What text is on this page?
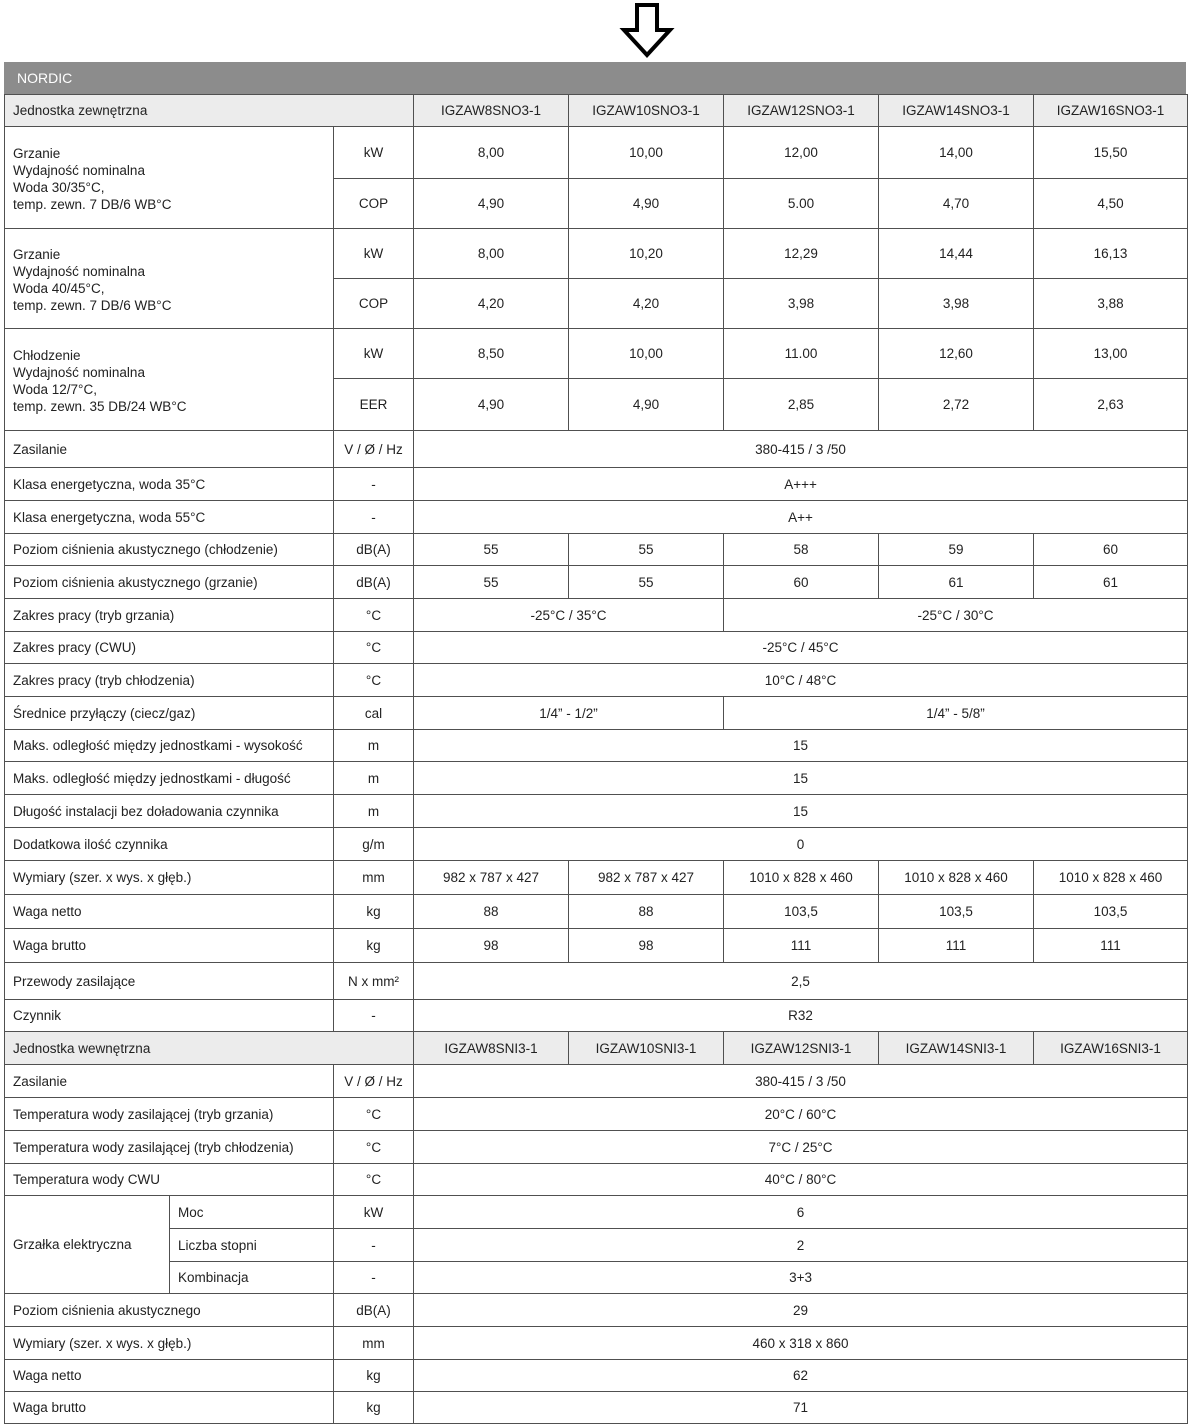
NORDIC
Jednostka zewnętrzna			IGZAW8SNO3-1	IGZAW10SNO3-1	IGZAW12SNO3-1	IGZAW14SNO3-1	IGZAW16SNO3-1

Grzanie
Wydajność nominalna
Woda 30/35°C,
temp. zewn. 7 DB/6 WB°C		kW	8,00	10,00	12,00	14,00	15,50
		COP	4,90	4,90	5.00	4,70	4,50

Grzanie
Wydajność nominalna
Woda 40/45°C,
temp. zewn. 7 DB/6 WB°C		kW	8,00	10,20	12,29	14,44	16,13
		COP	4,20	4,20	3,98	3,98	3,88

Chłodzenie
Wydajność nominalna
Woda 12/7°C,
temp. zewn. 35 DB/24 WB°C		kW	8,50	10,00	11.00	12,60	13,00
		EER	4,90	4,90	2,85	2,72	2,63
Zasilanie		V / Ø / Hz	380-415 / 3 /50				
Klasa energetyczna, woda 35°C		-	A+++				
Klasa energetyczna, woda 55°C		-	A++				
Poziom ciśnienia akustycznego (chłodzenie)		dB(A)	55	55	58	59	60
Poziom ciśnienia akustycznego (grzanie)		dB(A)	55	55	60	61	61
Zakres pracy (tryb grzania)		°C	-25°C / 35°C		-25°C / 30°C		
Zakres pracy (CWU)		°C	-25°C / 45°C				
Zakres pracy (tryb chłodzenia)		°C	10°C / 48°C				
Średnice przyłączy (ciecz/gaz)		cal	1/4” - 1/2”		1/4” - 5/8”		
Maks. odległość między jednostkami - wysokość		m	15				
Maks. odległość między jednostkami - długość		m	15				
Długość instalacji bez doładowania czynnika		m	15				
Dodatkowa ilość czynnika		g/m	0				
Wymiary (szer. x wys. x głęb.)		mm	982 x 787 x 427	982 x 787 x 427	1010 x 828 x 460	1010 x 828 x 460	1010 x 828 x 460
Waga netto		kg	88	88	103,5	103,5	103,5
Waga brutto		kg	98	98	111	111	111
Przewody zasilające		N x mm²	2,5				
Czynnik		-	R32				
Jednostka wewnętrzna			IGZAW8SNI3-1	IGZAW10SNI3-1	IGZAW12SNI3-1	IGZAW14SNI3-1	IGZAW16SNI3-1
Zasilanie		V / Ø / Hz	380-415 / 3 /50				
Temperatura wody zasilającej (tryb grzania)		°C	20°C / 60°C				
Temperatura wody zasilającej (tryb chłodzenia)		°C	7°C / 25°C				
Temperatura wody CWU		°C	40°C / 80°C				
Grzałka elektryczna	Moc	kW	6				
	Liczba stopni	-	2				
	Kombinacja	-	3+3				
Poziom ciśnienia akustycznego		dB(A)	29				
Wymiary (szer. x wys. x głęb.)		mm	460 x 318 x 860				
Waga netto		kg	62				
Waga brutto		kg	71				
